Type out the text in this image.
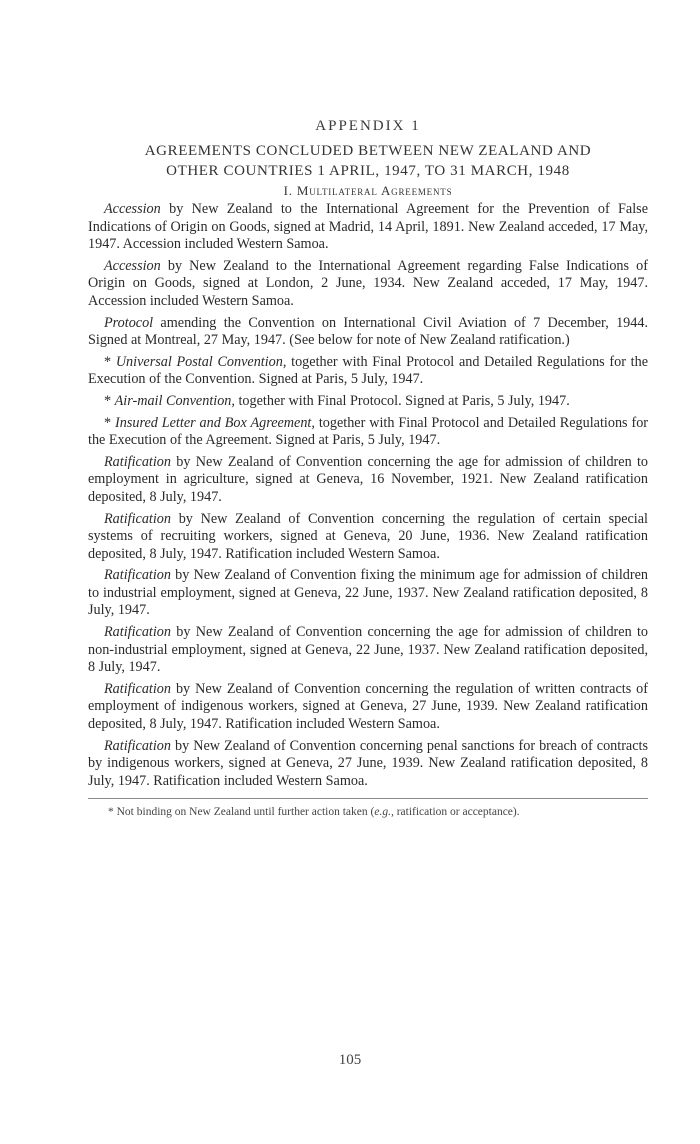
APPENDIX 1
AGREEMENTS CONCLUDED BETWEEN NEW ZEALAND AND
OTHER COUNTRIES 1 APRIL, 1947, TO 31 MARCH, 1948
I. Multilateral Agreements

Accession by New Zealand to the International Agreement for the Prevention of False Indications of Origin on Goods, signed at Madrid, 14 April, 1891. New Zealand acceded, 17 May, 1947. Accession included Western Samoa.

Accession by New Zealand to the International Agreement regarding False Indications of Origin on Goods, signed at London, 2 June, 1934. New Zealand acceded, 17 May, 1947. Accession included Western Samoa.

Protocol amending the Convention on International Civil Aviation of 7 December, 1944. Signed at Montreal, 27 May, 1947. (See below for note of New Zealand ratification.)

* Universal Postal Convention, together with Final Protocol and Detailed Regulations for the Execution of the Convention. Signed at Paris, 5 July, 1947.

* Air-mail Convention, together with Final Protocol. Signed at Paris, 5 July, 1947.

* Insured Letter and Box Agreement, together with Final Protocol and Detailed Regulations for the Execution of the Agreement. Signed at Paris, 5 July, 1947.

Ratification by New Zealand of Convention concerning the age for admission of children to employment in agriculture, signed at Geneva, 16 November, 1921. New Zealand ratification deposited, 8 July, 1947.

Ratification by New Zealand of Convention concerning the regulation of certain special systems of recruiting workers, signed at Geneva, 20 June, 1936. New Zealand ratification deposited, 8 July, 1947. Ratification included Western Samoa.

Ratification by New Zealand of Convention fixing the minimum age for admission of children to industrial employment, signed at Geneva, 22 June, 1937. New Zealand ratification deposited, 8 July, 1947.

Ratification by New Zealand of Convention concerning the age for admission of children to non-industrial employment, signed at Geneva, 22 June, 1937. New Zealand ratification deposited, 8 July, 1947.

Ratification by New Zealand of Convention concerning the regulation of written contracts of employment of indigenous workers, signed at Geneva, 27 June, 1939. New Zealand ratification deposited, 8 July, 1947. Ratification included Western Samoa.

Ratification by New Zealand of Convention concerning penal sanctions for breach of contracts by indigenous workers, signed at Geneva, 27 June, 1939. New Zealand ratification deposited, 8 July, 1947. Ratification included Western Samoa.

* Not binding on New Zealand until further action taken (e.g., ratification or acceptance).

105
